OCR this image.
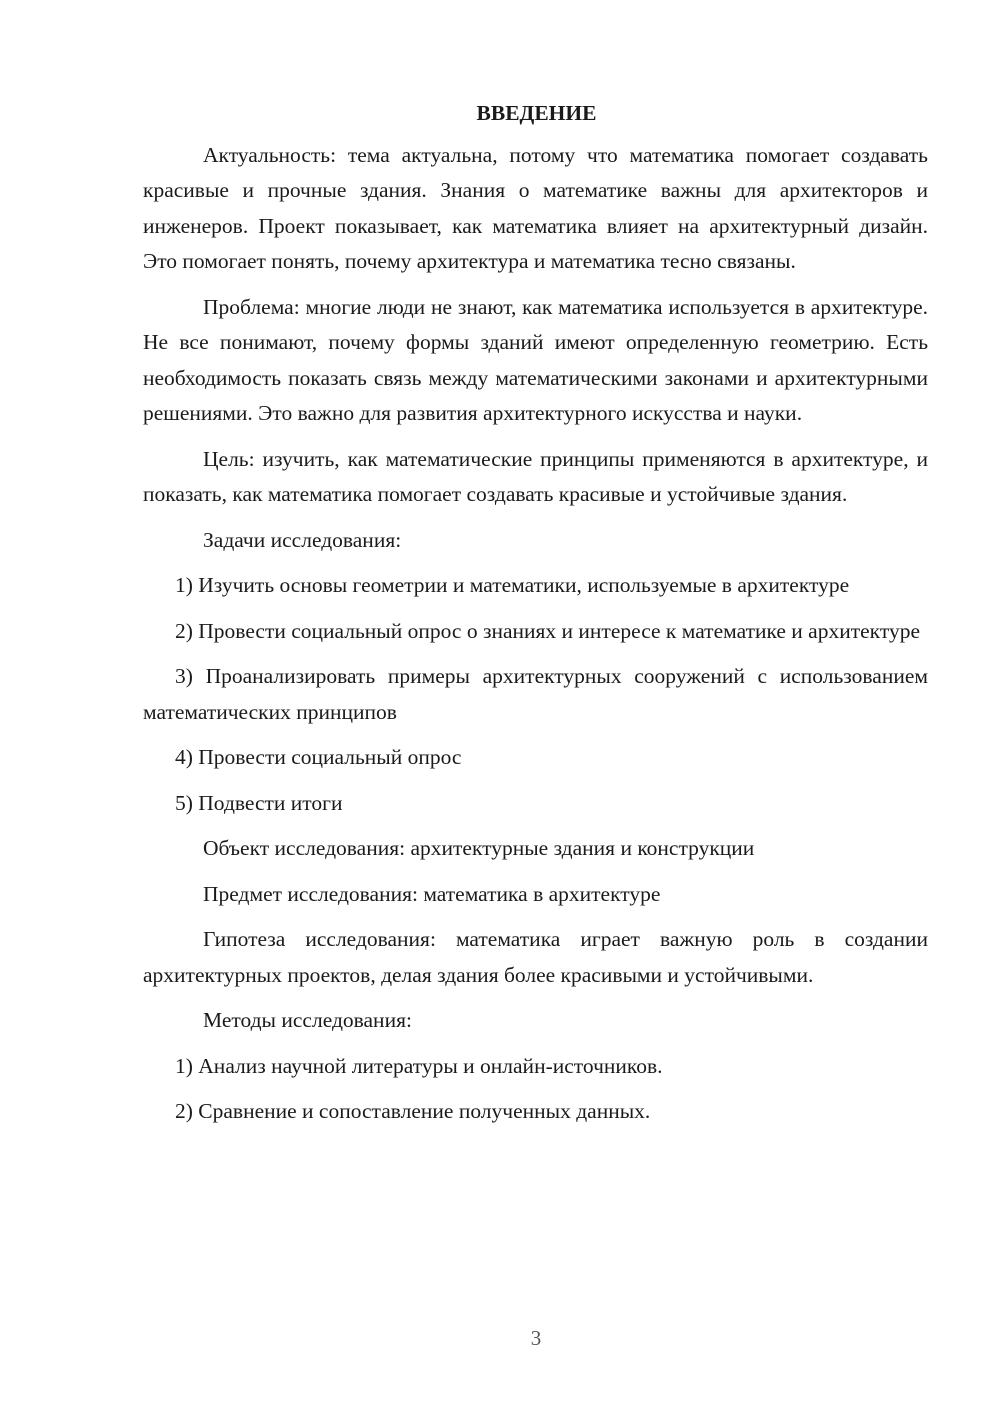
ВВЕДЕНИЕ

Актуальность: тема актуальна, потому что математика помогает создавать красивые и прочные здания. Знания о математике важны для архитекторов и инженеров. Проект показывает, как математика влияет на архитектурный дизайн. Это помогает понять, почему архитектура и математика тесно связаны.

Проблема: многие люди не знают, как математика используется в архитектуре. Не все понимают, почему формы зданий имеют определенную геометрию. Есть необходимость показать связь между математическими законами и архитектурными решениями. Это важно для развития архитектурного искусства и науки.

Цель: изучить, как математические принципы применяются в архитектуре, и показать, как математика помогает создавать красивые и устойчивые здания.

Задачи исследования:

1) Изучить основы геометрии и математики, используемые в архитектуре

2) Провести социальный опрос о знаниях и интересе к математике и архитектуре

3) Проанализировать примеры архитектурных сооружений с использованием математических принципов

4) Провести социальный опрос

5) Подвести итоги

Объект исследования: архитектурные здания и конструкции

Предмет исследования: математика в архитектуре

Гипотеза исследования: математика играет важную роль в создании архитектурных проектов, делая здания более красивыми и устойчивыми.

Методы исследования:

1) Анализ научной литературы и онлайн-источников.

2) Сравнение и сопоставление полученных данных.

3
